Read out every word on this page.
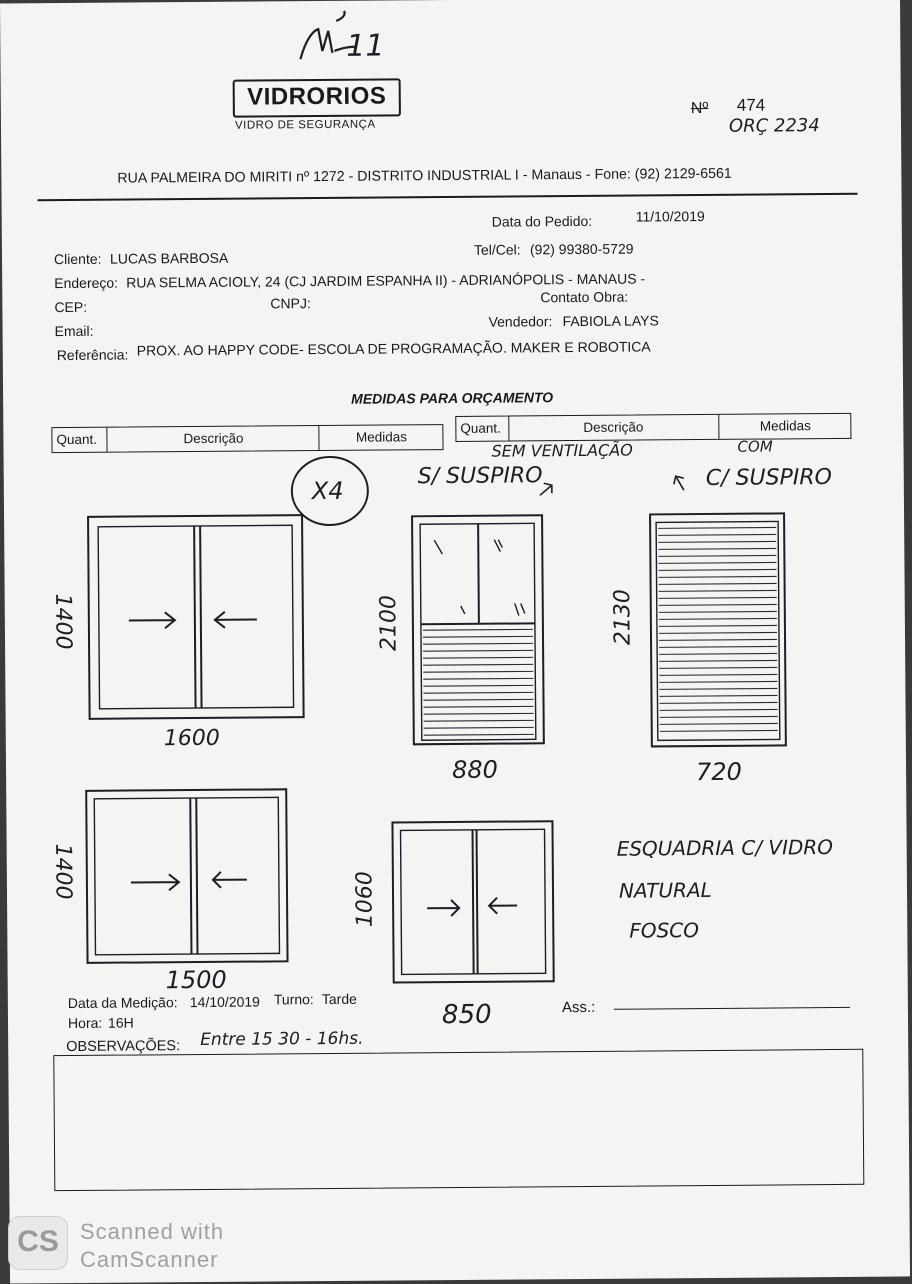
11
VIDRORIOS
VIDRO DE SEGURANÇA
Nº 474
ORÇ 2234
RUA PALMEIRA DO MIRITI nº 1272 - DISTRITO INDUSTRIAL I - Manaus - Fone: (92) 2129-6561
Data do Pedido:	11/10/2019
Cliente: LUCAS BARBOSA
Tel/Cel: (92) 99380-5729
Endereço: RUA SELMA ACIOLY, 24 (CJ JARDIM ESPANHA II) - ADRIANÓPOLIS - MANAUS -
CEP:	CNPJ:	Contato Obra:
Email:
Vendedor: FABIOLA LAYS
Referência: PROX. AO HAPPY CODE- ESCOLA DE PROGRAMAÇÃO. MAKER E ROBOTICA
MEDIDAS PARA ORÇAMENTO
Quant.	Descrição	Medidas
Quant.	Descrição	Medidas
X4
S/ SUSPIRO
SEM VENTILAÇÃO	COM
C/ SUSPIRO
1400
1600
2100
880
2130
720
1400
1500
1060
850
ESQUADRIA C/ VIDRO
NATURAL
FOSCO
Data da Medição: 14/10/2019 Turno: Tarde
Hora: 16H
Ass.:
OBSERVAÇÕES: Entre 15 30 - 16hs.
CS Scanned with
CamScanner
